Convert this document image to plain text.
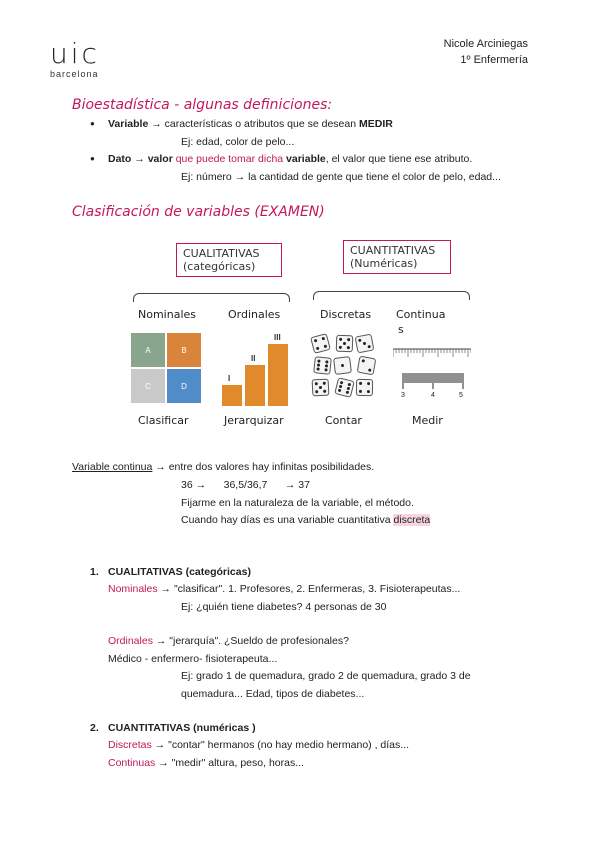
uic
barcelona
Nicole Arciniegas
1º Enfermería
Bioestadística - algunas definiciones:
● Variable → características o atributos que se desean MEDIR
Ej: edad, color de pelo...
● Dato → valor que puede tomar dicha variable, el valor que tiene ese atributo.
Ej: número → la cantidad de gente que tiene el color de pelo, edad...
Clasificación de variables (EXAMEN)
CUALITATIVAS
(categóricas)
CUANTITATIVAS
(Numéricas)
Nominales	Ordinales	Discretas Continua
s
A	B
C	D
I
II
III
3	4	5
Clasificar	Jerarquizar	Contar	Medir
Variable continua → entre dos valores hay infinitas posibilidades.
36 →      36,5/36,7      → 37
Fijarme en la naturaleza de la variable, el método.
Cuando hay días es una variable cuantitativa discreta
1. CUALITATIVAS (categóricas)
Nominales → "clasificar". 1. Profesores, 2. Enfermeras, 3. Fisioterapeutas...
Ej: ¿quién tiene diabetes? 4 personas de 30
Ordinales → "jerarquía". ¿Sueldo de profesionales?
Médico - enfermero- fisioterapeuta...
Ej: grado 1 de quemadura, grado 2 de quemadura, grado 3 de
quemadura... Edad, tipos de diabetes...
2. CUANTITATIVAS (numéricas )
Discretas → "contar" hermanos (no hay medio hermano) , días...
Continuas → "medir" altura, peso, horas...
